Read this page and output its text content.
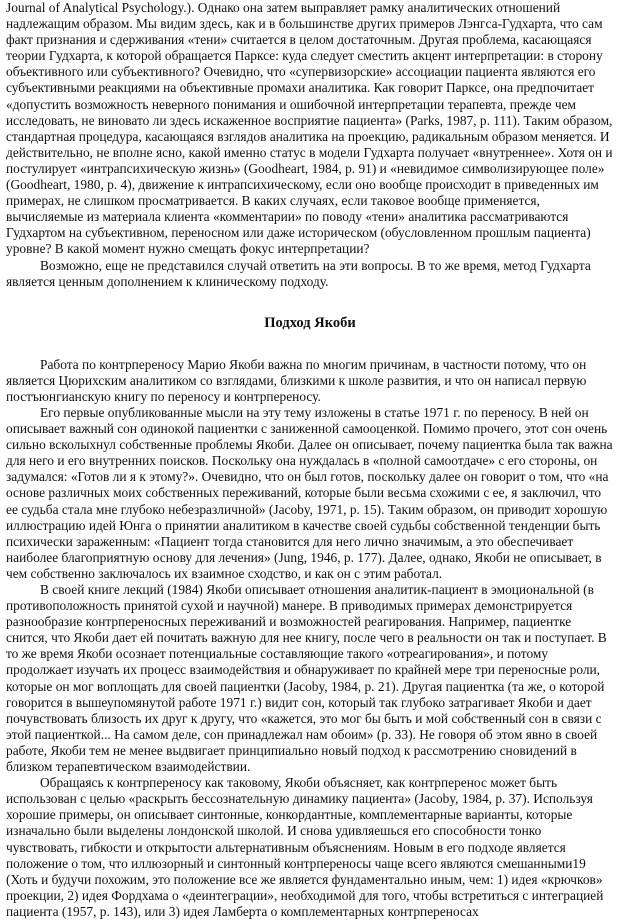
Journal of Analytical Psychology.). Однако она затем выправляет рамку аналитических отношений надлежащим образом. Мы видим здесь, как и в большинстве других примеров Лэнгса-Гудхарта, что сам факт признания и сдерживания «тени» считается в целом достаточным. Другая проблема, касающаяся теории Гудхарта, к которой обращается Парксе: куда следует сместить акцент интерпретации: в сторону объективного или субъективного? Очевидно, что «супервизорские» ассоциации пациента являются его субъективными реакциями на объективные промахи аналитика. Как говорит Парксе, она предпочитает «допустить возможность неверного понимания и ошибочной интерпретации терапевта, прежде чем исследовать, не виновато ли здесь искаженное восприятие пациента» (Parks, 1987, p. 111). Таким образом, стандартная процедура, касающаяся взглядов аналитика на проекцию, радикальным образом меняется. И действительно, не вполне ясно, какой именно статус в модели Гудхарта получает «внутреннее». Хотя он и постулирует «интрапсихическую жизнь» (Goodheart, 1984, p. 91) и «невидимое символизирующее поле» (Goodheart, 1980, p. 4), движение к интрапсихическому, если оно вообще происходит в приведенных им примерах, не слишком просматривается. В каких случаях, если таковое вообще применяется, вычисляемые из материала клиента «комментарии» по поводу «тени» аналитика рассматриваются Гудхартом на субъективном, переносном или даже историческом (обусловленном прошлым пациента) уровне? В какой момент нужно смещать фокус интерпретации?

Возможно, еще не представился случай ответить на эти вопросы. В то же время, метод Гудхарта является ценным дополнением к клиническому подходу.

Подход Якоби

Работа по контрпереносу Марио Якоби важна по многим причинам, в частности потому, что он является Цюрихским аналитиком со взглядами, близкими к школе развития, и что он написал первую постъюнгианскую книгу по переносу и контрпереносу.

Его первые опубликованные мысли на эту тему изложены в статье 1971 г. по переносу. В ней он описывает важный сон одинокой пациентки с заниженной самооценкой. Помимо прочего, этот сон очень сильно всколыхнул собственные проблемы Якоби. Далее он описывает, почему пациентка была так важна для него и его внутренних поисков. Поскольку она нуждалась в «полной самоотдаче» с его стороны, он задумался: «Готов ли я к этому?». Очевидно, что он был готов, поскольку далее он говорит о том, что «на основе различных моих собственных переживаний, которые были весьма схожими с ее, я заключил, что ее судьба стала мне глубоко небезразличной» (Jacoby, 1971, p. 15). Таким образом, он приводит хорошую иллюстрацию идей Юнга о принятии аналитиком в качестве своей судьбы собственной тенденции быть психически зараженным: «Пациент тогда становится для него лично значимым, а это обеспечивает наиболее благоприятную основу для лечения» (Jung, 1946, p. 177). Далее, однако, Якоби не описывает, в чем собственно заключалось их взаимное сходство, и как он с этим работал.

В своей книге лекций (1984) Якоби описывает отношения аналитик-пациент в эмоциональной (в противоположность принятой сухой и научной) манере. В приводимых примерах демонстрируется разнообразие контрпереносных переживаний и возможностей реагирования. Например, пациентке снится, что Якоби дает ей почитать важную для нее книгу, после чего в реальности он так и поступает. В то же время Якоби осознает потенциальные составляющие такого «отреагирования», и потому продолжает изучать их процесс взаимодействия и обнаруживает по крайней мере три переносные роли, которые он мог воплощать для своей пациентки (Jacoby, 1984, p. 21). Другая пациентка (та же, о которой говорится в вышеупомянутой работе 1971 г.) видит сон, который так глубоко затрагивает Якоби и дает почувствовать близость их друг к другу, что «кажется, это мог бы быть и мой собственный сон в связи с этой пациенткой... На самом деле, сон принадлежал нам обоим» (p. 33). Не говоря об этом явно в своей работе, Якоби тем не менее выдвигает принципиально новый подход к рассмотрению сновидений в близком терапевтическом взаимодействии.

Обращаясь к контрпереносу как таковому, Якоби объясняет, как контрперенос может быть использован с целью «раскрыть бессознательную динамику пациента» (Jacoby, 1984, p. 37). Используя хорошие примеры, он описывает синтонные, конкордантные, комплементарные варианты, которые изначально были выделены лондонской школой. И снова удивляешься его способности тонко чувствовать, гибкости и открытости альтернативным объяснениям. Новым в его подходе является положение о том, что иллюзорный и синтонный контрпереносы чаще всего являются смешанными19 (Хоть и будучи похожим, это положение все же является фундаментально иным, чем: 1) идея «крючков» проекции, 2) идея Фордхама о «деинтеграции», необходимой для того, чтобы встретиться с интеграцией пациента (1957, p. 143), или 3) идея Ламберта о комплементарных контрпереносах
